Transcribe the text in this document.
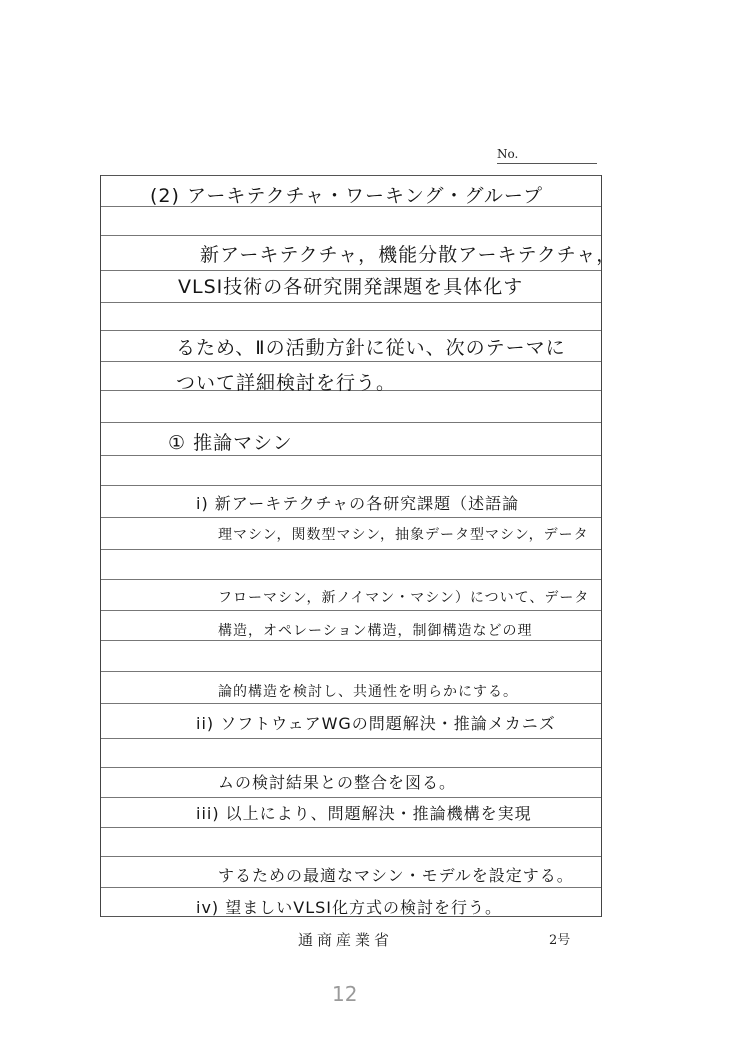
No.
(2) アーキテクチャ・ワーキング・グループ
新アーキテクチャ，機能分散アーキテクチャ，
VLSI技術の各研究開発課題を具体化す
るため、Ⅱの活動方針に従い、次のテーマに
ついて詳細検討を行う。
① 推論マシン
i) 新アーキテクチャの各研究課題（述語論
理マシン，関数型マシン，抽象データ型マシン，データ
フローマシン，新ノイマン・マシン）について、データ
構造，オペレーション構造，制御構造などの理
論的構造を検討し、共通性を明らかにする。
ii) ソフトウェアWGの問題解決・推論メカニズ
ムの検討結果との整合を図る。
iii) 以上により、問題解決・推論機構を実現
するための最適なマシン・モデルを設定する。
iv) 望ましいVLSI化方式の検討を行う。
通商産業省	2号
12
